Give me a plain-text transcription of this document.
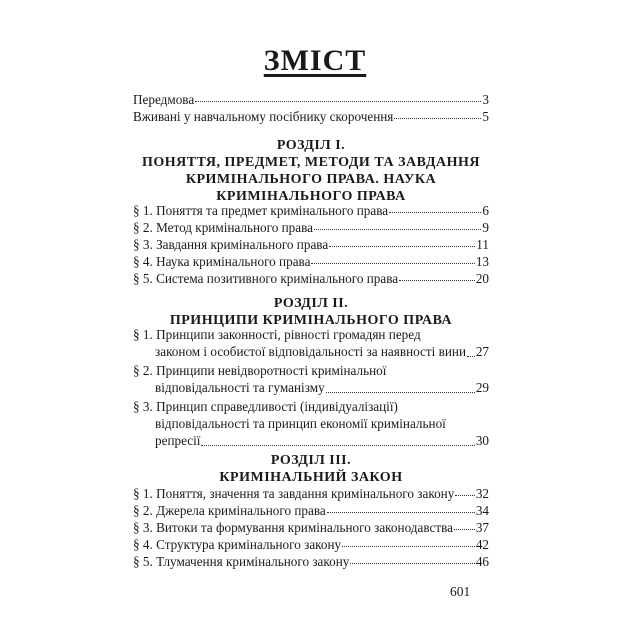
ЗМІСТ
Передмова	3
Вживані у навчальному посібнику скорочення	5
РОЗДІЛ I.
ПОНЯТТЯ, ПРЕДМЕТ, МЕТОДИ ТА ЗАВДАННЯ
КРИМІНАЛЬНОГО ПРАВА. НАУКА
КРИМІНАЛЬНОГО ПРАВА
§ 1. Поняття та предмет кримінального права	6
§ 2. Метод кримінального права	9
§ 3. Завдання кримінального права	11
§ 4. Наука кримінального права	13
§ 5. Система позитивного кримінального права	20
РОЗДІЛ II.
ПРИНЦИПИ КРИМІНАЛЬНОГО ПРАВА
§ 1. Принципи законності, рівності громадян перед
законом і особистої відповідальності за наявності вини 27
§ 2. Принципи невідворотності кримінальної
відповідальності та гуманізму	29
§ 3. Принцип справедливості (індивідуалізації)
відповідальності та принцип економії кримінальної
репресії	30
РОЗДІЛ III.
КРИМІНАЛЬНИЙ ЗАКОН
§ 1. Поняття, значення та завдання кримінального закону 32
§ 2. Джерела кримінального права	34
§ 3. Витоки та формування кримінального законодавства 37
§ 4. Структура кримінального закону	42
§ 5. Тлумачення кримінального закону	46
601
